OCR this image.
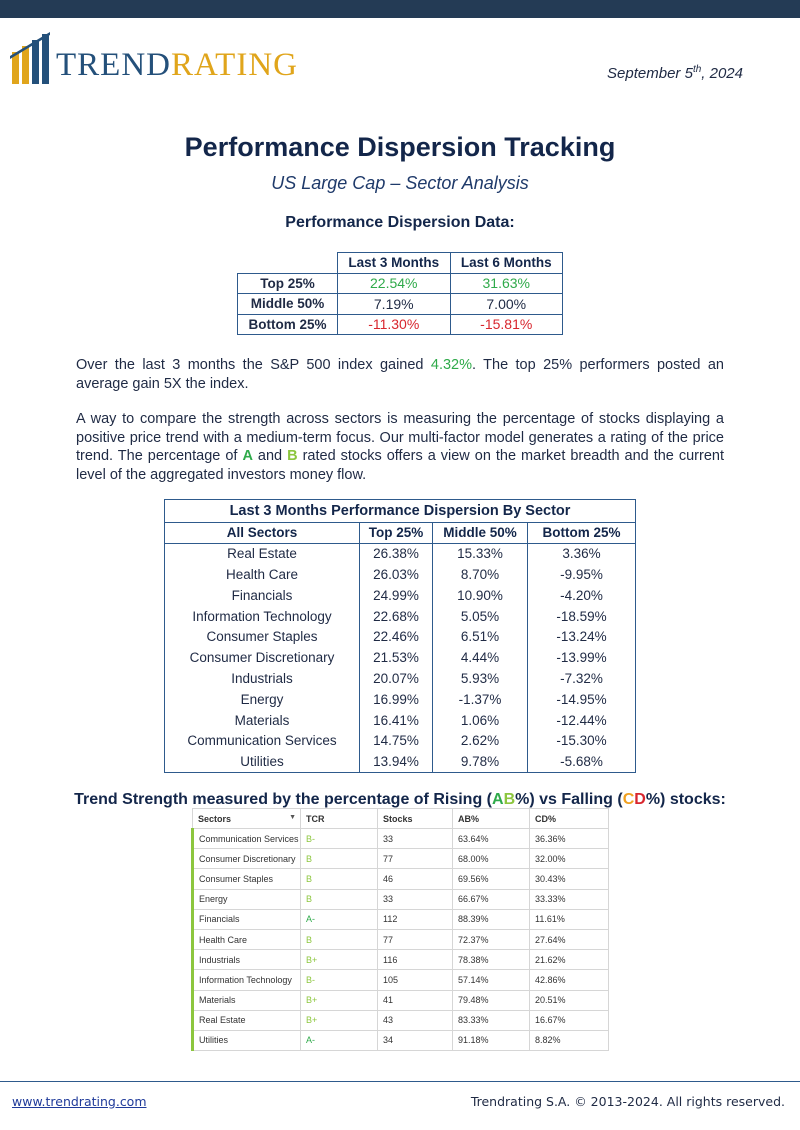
TRENDRATING	September 5th, 2024
Performance Dispersion Tracking
US Large Cap – Sector Analysis
Performance Dispersion Data:
	Last 3 Months	Last 6 Months
Top 25%	22.54%	31.63%
Middle 50%	7.19%	7.00%
Bottom 25%	-11.30%	-15.81%

Over the last 3 months the S&P 500 index gained 4.32%. The top 25% performers posted an average gain 5X the index.

A way to compare the strength across sectors is measuring the percentage of stocks displaying a positive price trend with a medium-term focus. Our multi-factor model generates a rating of the price trend. The percentage of A and B rated stocks offers a view on the market breadth and the current level of the aggregated investors money flow.

Last 3 Months Performance Dispersion By Sector			
All Sectors	Top 25%	Middle 50%	Bottom 25%
Real Estate	26.38%	15.33%	3.36%
Health Care	26.03%	8.70%	-9.95%
Financials	24.99%	10.90%	-4.20%
Information Technology	22.68%	5.05%	-18.59%
Consumer Staples	22.46%	6.51%	-13.24%
Consumer Discretionary	21.53%	4.44%	-13.99%
Industrials	20.07%	5.93%	-7.32%
Energy	16.99%	-1.37%	-14.95%
Materials	16.41%	1.06%	-12.44%
Communication Services	14.75%	2.62%	-15.30%
Utilities	13.94%	9.78%	-5.68%
Trend Strength measured by the percentage of Rising (AB%) vs Falling (CD%) stocks:
Sectors ▼	TCR	Stocks	AB%	CD%
Communication Services	B-	33	63.64%	36.36%
Consumer Discretionary	B	77	68.00%	32.00%
Consumer Staples	B	46	69.56%	30.43%
Energy	B	33	66.67%	33.33%
Financials	A-	112	88.39%	11.61%
Health Care	B	77	72.37%	27.64%
Industrials	B+	116	78.38%	21.62%
Information Technology	B-	105	57.14%	42.86%
Materials	B+	41	79.48%	20.51%
Real Estate	B+	43	83.33%	16.67%
Utilities	A-	34	91.18%	8.82%
www.trendrating.com	Trendrating S.A. © 2013-2024. All rights reserved.
